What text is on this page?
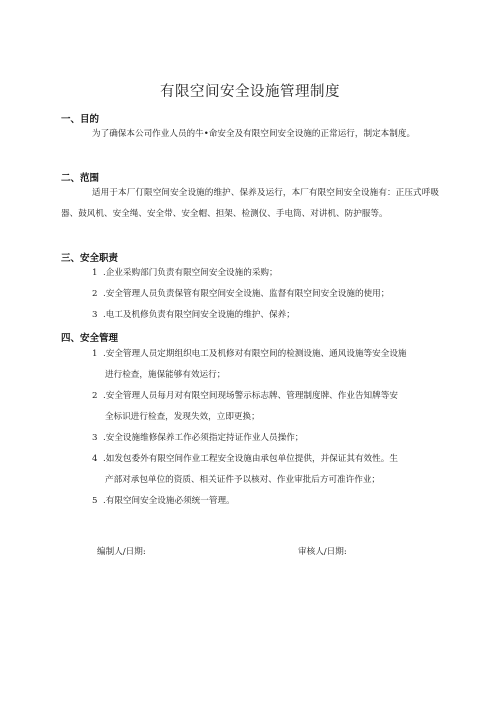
有限空间安全设施管理制度
一、目的
为了确保本公司作业人员的牛•命安全及有限空间安全设施的正常运行，制定本制度。
二、范围
适用于本厂仃限空间安全设施的维护、保养及运行，本厂有限空间安全设施有：正压式呼吸器、鼓风机、安全绳、安全带、安全帽、担架、检测仪、手电筒、对讲机、防护服等。
三、安全职责
1 .企业采购部门负责有限空间安全设施的采购；
2 .安全管理人员负责保管有限空间安全设施、监督有限空间安全设施的使用；
3 .电工及机修负责有限空间安全设施的维护、保养；
四、安全管理
1 .安全管理人员定期组织电工及机修对有限空间的检测设施、通风设施等安全设施
进行检查，施保能够有效运行；
2 .安全管理人员每月对有限空间现场警示标志牌、管理制度牌、作业告知牌等安
全标识进行检查，发现失效，立即更换；
3 .安全设施维修保养工作必须指定持证作业人员操作；
4 .如发包委外有限空间作业工程安全设施由承包单位提供，并保证其有效性。生
产部对承包单位的资质、相关证件予以核对、作业审批后方可准许作业；
5 .有限空间安全设施必须统一管理。
编制人/日期:	审核人/日期:
